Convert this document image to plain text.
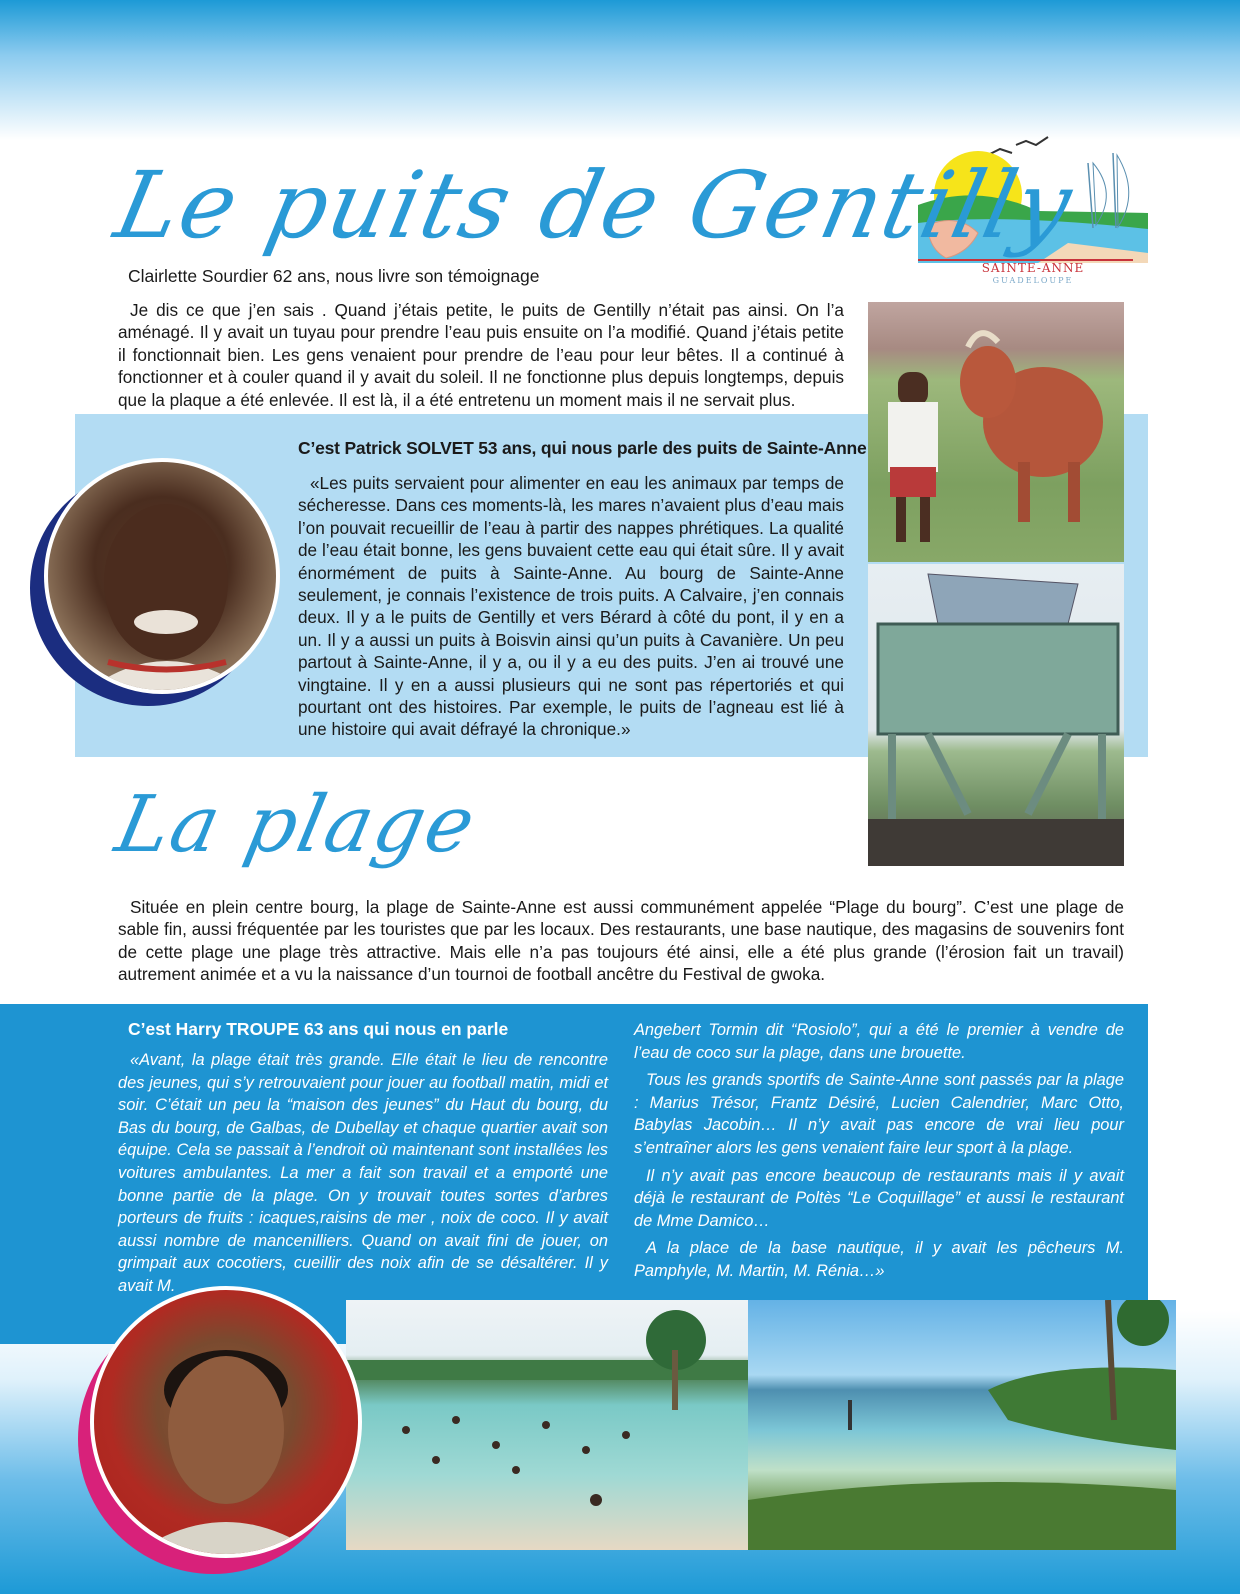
SAINTE-ANNE
GUADELOUPE
Le puits de Gentilly
Clairlette Sourdier 62 ans, nous livre son témoignage

Je dis ce que j’en sais . Quand j’étais petite, le puits de Gentilly n’était pas ainsi. On l’a aménagé. Il y avait un tuyau pour prendre l’eau puis ensuite on l’a modifié. Quand j’étais petite il fonctionnait bien. Les gens venaient pour prendre de l’eau pour leur bêtes. Il a continué à fonctionner et à couler quand il y avait du soleil. Il ne fonctionne plus depuis longtemps, depuis que la plaque a été enlevée. Il est là, il a été entretenu un moment mais il ne servait plus.

C’est Patrick SOLVET 53 ans, qui nous parle des puits de Sainte-Anne

«Les puits servaient pour alimenter en eau les animaux par temps de sécheresse. Dans ces moments-là, les mares n’avaient plus d’eau mais l’on pouvait recueillir de l’eau à partir des nappes phrétiques. La qualité de l’eau était bonne, les gens buvaient cette eau qui était sûre. Il y avait énormément de puits à Sainte-Anne. Au bourg de Sainte-Anne seulement, je connais l’existence de trois puits. A Calvaire, j’en connais deux. Il y a le puits de Gentilly et vers Bérard à côté du pont, il y en a un. Il y a aussi un puits à Boisvin ainsi qu’un puits à Cavanière. Un peu partout à Sainte-Anne, il y a, ou il y a eu des puits. J’en ai trouvé une vingtaine. Il y en a aussi plusieurs qui ne sont pas répertoriés et qui pourtant ont des histoires. Par exemple, le puits de l’agneau est lié à une histoire qui avait défrayé la chronique.»

La plage

Située en plein centre bourg, la plage de Sainte-Anne est aussi communément appelée “Plage du bourg”. C’est une plage de sable fin, aussi fréquentée par les touristes que par les locaux. Des restaurants, une base nautique, des magasins de souvenirs font de cette plage une plage très attractive. Mais elle n’a pas toujours été ainsi, elle a été plus grande (l’érosion fait un travail) autrement animée et a vu la naissance d’un tournoi de football ancêtre du Festival de gwoka.

C’est Harry TROUPE 63 ans qui nous en parle

«Avant, la plage était très grande. Elle était le lieu de rencontre des jeunes, qui s’y retrouvaient pour jouer au football matin, midi et soir. C’était un peu la “maison des jeunes” du Haut du bourg, du Bas du bourg, de Galbas, de Dubellay et chaque quartier avait son équipe. Cela se passait à l’endroit où maintenant sont installées les voitures ambulantes. La mer a fait son travail et a emporté une bonne partie de la plage. On y trouvait toutes sortes d’arbres porteurs de fruits : icaques,raisins de mer , noix de coco. Il y avait aussi nombre de mancenilliers. Quand on avait fini de jouer, on grimpait aux cocotiers, cueillir des noix afin de se désaltérer. Il y avait M.

Angebert Tormin dit “Rosiolo”, qui a été le premier à vendre de l’eau de coco sur la plage, dans une brouette.

Tous les grands sportifs de Sainte-Anne sont passés par la plage : Marius Trésor, Frantz Désiré, Lucien Calendrier, Marc Otto, Babylas Jacobin… Il n’y avait pas encore de vrai lieu pour s’entraîner alors les gens venaient faire leur sport à la plage.

Il n’y avait pas encore beaucoup de restaurants mais il y avait déjà le restaurant de Poltès “Le Coquillage” et aussi le restaurant de Mme Damico…

A la place de la base nautique, il y avait les pêcheurs M. Pamphyle, M. Martin, M. Rénia…»
